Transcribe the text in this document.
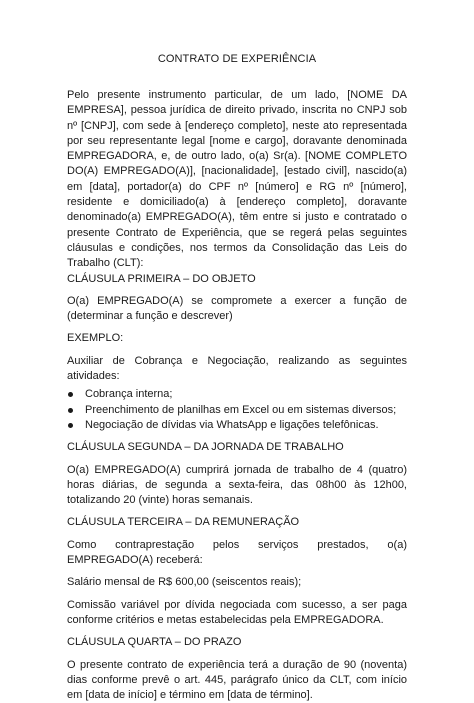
CONTRATO DE EXPERIÊNCIA

Pelo presente instrumento particular, de um lado, [NOME DA EMPRESA], pessoa jurídica de direito privado, inscrita no CNPJ sob nº [CNPJ], com sede à [endereço completo], neste ato representada por seu representante legal [nome e cargo], doravante denominada EMPREGADORA, e, de outro lado, o(a) Sr(a). [NOME COMPLETO DO(A) EMPREGADO(A)], [nacionalidade], [estado civil], nascido(a) em [data], portador(a) do CPF nº [número] e RG nº [número], residente e domiciliado(a) à [endereço completo], doravante denominado(a) EMPREGADO(A), têm entre si justo e contratado o presente Contrato de Experiência, que se regerá pelas seguintes cláusulas e condições, nos termos da Consolidação das Leis do Trabalho (CLT):

CLÁUSULA PRIMEIRA – DO OBJETO

O(a) EMPREGADO(A) se compromete a exercer a função de (determinar a função e descrever)

EXEMPLO:

Auxiliar de Cobrança e Negociação, realizando as seguintes atividades:

Cobrança interna;
Preenchimento de planilhas em Excel ou em sistemas diversos;
Negociação de dívidas via WhatsApp e ligações telefônicas.

CLÁUSULA SEGUNDA – DA JORNADA DE TRABALHO

O(a) EMPREGADO(A) cumprirá jornada de trabalho de 4 (quatro) horas diárias, de segunda a sexta-feira, das 08h00 às 12h00, totalizando 20 (vinte) horas semanais.

CLÁUSULA TERCEIRA – DA REMUNERAÇÃO

Como contraprestação pelos serviços prestados, o(a) EMPREGADO(A) receberá:

Salário mensal de R$ 600,00 (seiscentos reais);

Comissão variável por dívida negociada com sucesso, a ser paga conforme critérios e metas estabelecidas pela EMPREGADORA.

CLÁUSULA QUARTA – DO PRAZO

O presente contrato de experiência terá a duração de 90 (noventa) dias conforme prevê o art. 445, parágrafo único da CLT, com início em [data de início] e término em [data de término].
